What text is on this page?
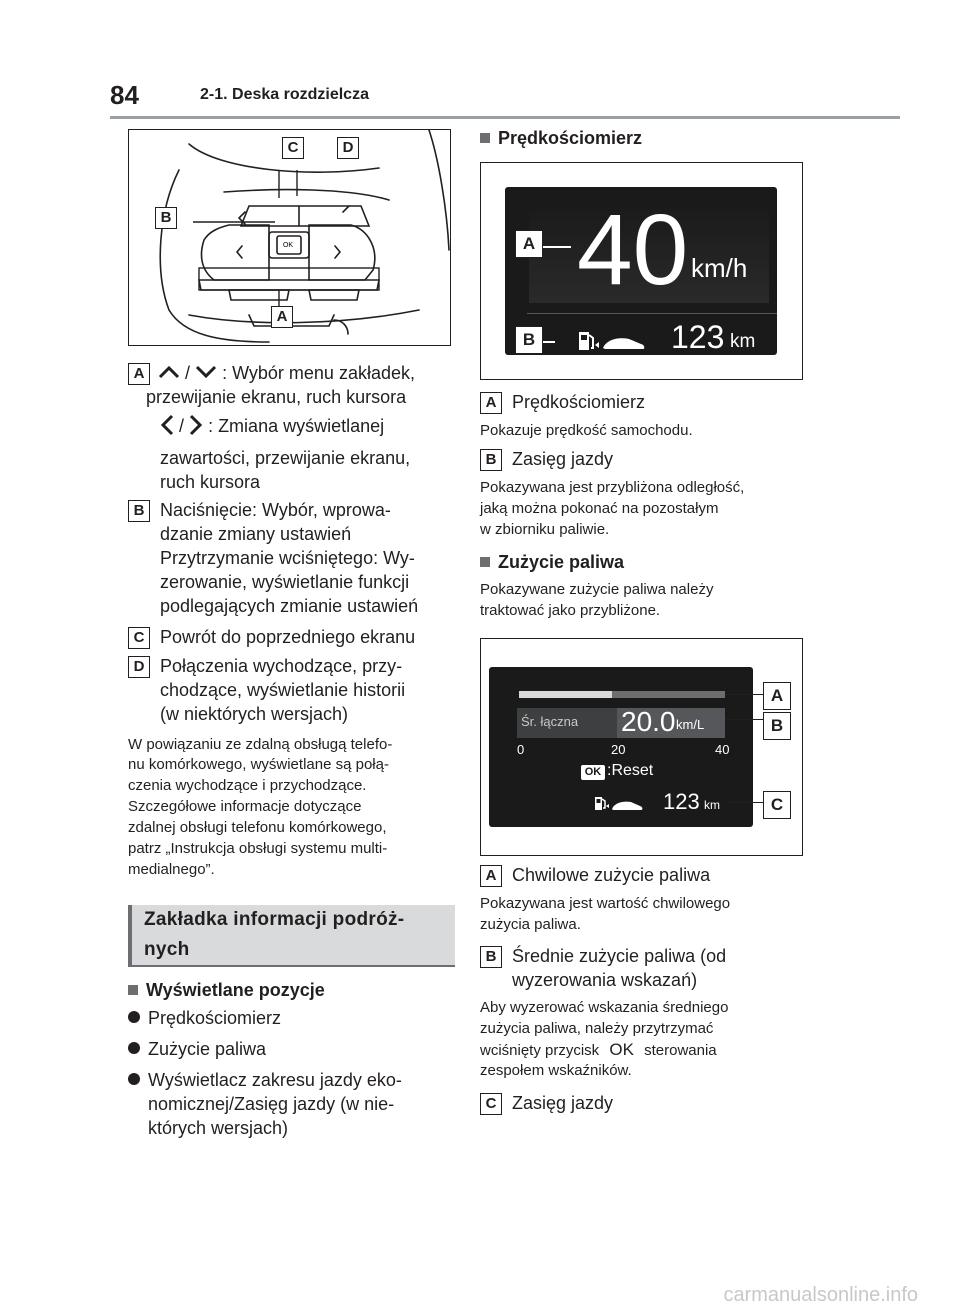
84	2-1. Deska rozdzielcza
OK
C	D
B
A
A	/ : Wybór menu zakładek,
przewijanie ekranu, ruch kursora
/ : Zmiana wyświetlanej
zawartości, przewijanie ekranu,
ruch kursora
B Naciśnięcie: Wybór, wprowa-
dzanie zmiany ustawień
Przytrzymanie wciśniętego: Wy-
zerowanie, wyświetlanie funkcji
podlegających zmianie ustawień
C Powrót do poprzedniego ekranu
D Połączenia wychodzące, przy-
chodzące, wyświetlanie historii
(w niektórych wersjach)
W powiązaniu ze zdalną obsługą telefo-
nu komórkowego, wyświetlane są połą-
czenia wychodzące i przychodzące.
Szczegółowe informacje dotyczące
zdalnej obsługi telefonu komórkowego,
patrz „Instrukcja obsługi systemu multi-
medialnego”.
Zakładka informacji podróż-
nych
Wyświetlane pozycje
Prędkościomierz
Zużycie paliwa
Wyświetlacz zakresu jazdy eko-
nomicznej/Zasięg jazdy (w nie-
których wersjach)
Prędkościomierz
40 km/h
123 km
A
B
A Prędkościomierz
Pokazuje prędkość samochodu.
B Zasięg jazdy
Pokazywana jest przybliżona odległość,
jaką można pokonać na pozostałym
w zbiorniku paliwie.
Zużycie paliwa
Pokazywane zużycie paliwa należy
traktować jako przybliżone.
Śr. łączna 20.0 km/L
0	20	40
OK :Reset
123 km
A
B
C
A Chwilowe zużycie paliwa
Pokazywana jest wartość chwilowego
zużycia paliwa.
B Średnie zużycie paliwa (od
wyzerowania wskazań)
Aby wyzerować wskazania średniego
zużycia paliwa, należy przytrzymać
wciśnięty przycisk OK sterowania
zespołem wskaźników.
C Zasięg jazdy
carmanualsonline.info
